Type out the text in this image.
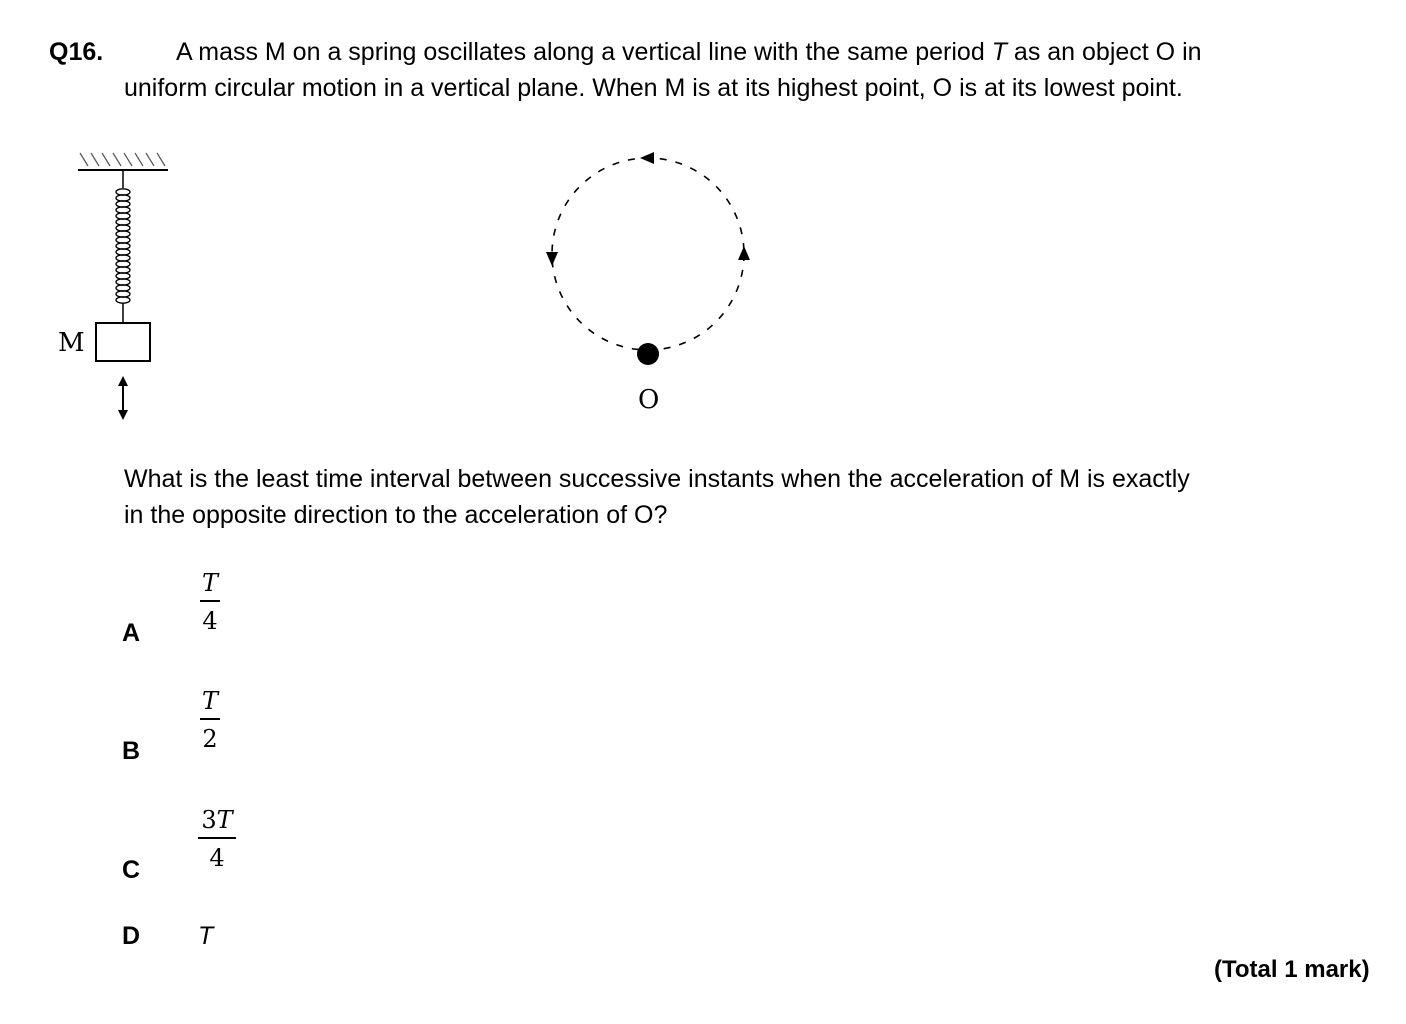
Q16.	A mass M on a spring oscillates along a vertical line with the same period T as an object O in
uniform circular motion in a vertical plane. When M is at its highest point, O is at its lowest point.
M
O
What is the least time interval between successive instants when the acceleration of M is exactly
in the opposite direction to the acceleration of O?
A
T
4
B
T
2
C
3T
4
D T
(Total 1 mark)
